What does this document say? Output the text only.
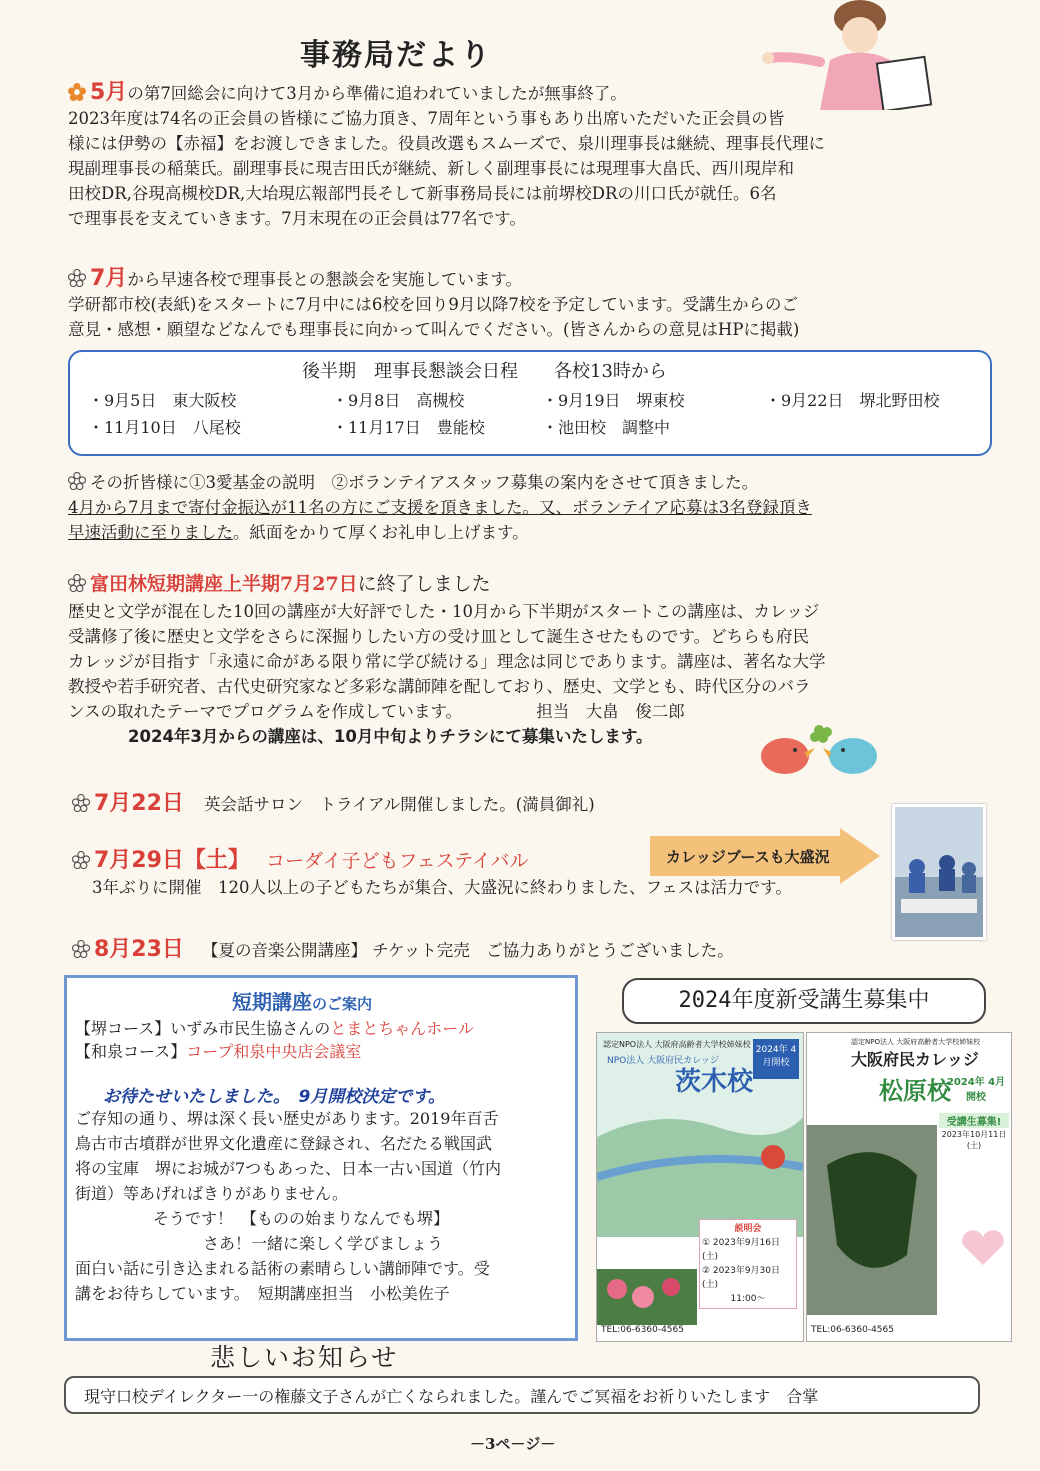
事務局だより
5月の第7回総会に向けて3月から準備に追われていましたが無事終了。
2023年度は74名の正会員の皆様にご協力頂き、7周年という事もあり出席いただいた正会員の皆
様には伊勢の【赤福】をお渡しできました。役員改選もスムーズで、泉川理事長は継続、理事長代理に
現副理事長の稲葉氏。副理事長に現吉田氏が継続、新しく副理事長には現理事大畠氏、西川現岸和
田校DR,谷現高槻校DR,大坮現広報部門長そして新事務局長には前堺校DRの川口氏が就任。6名
で理事長を支えていきます。7月末現在の正会員は77名です。
7月から早速各校で理事長との懇談会を実施しています。
学研都市校(表紙)をスタートに7月中には6校を回り9月以降7校を予定しています。受講生からのご
意見・感想・願望などなんでも理事長に向かって叫んでください。(皆さんからの意見はHPに掲載)
後半期　理事長懇談会日程　　各校13時から
・9月5日　東大阪校	・9月8日　高槻校	・9月19日　堺東校	・9月22日　堺北野田校
・11月10日　八尾校	・11月17日　豊能校	・池田校　調整中
その折皆様に①3愛基金の説明　②ボランテイアスタッフ募集の案内をさせて頂きました。
4月から7月まで寄付金振込が11名の方にご支援を頂きました。又、ボランテイア応募は3名登録頂き
早速活動に至りました。紙面をかりて厚くお礼申し上げます。
富田林短期講座上半期7月27日に終了しました
歴史と文学が混在した10回の講座が大好評でした・10月から下半期がスタートこの講座は、カレッジ
受講修了後に歴史と文学をさらに深掘りしたい方の受け皿として誕生させたものです。どちらも府民
カレッジが目指す「永遠に命がある限り常に学び続ける」理念は同じであります。講座は、著名な大学
教授や若手研究者、古代史研究家など多彩な講師陣を配しており、歴史、文学とも、時代区分のバラ
ンスの取れたテーマでプログラムを作成しています。　　　　　担当　大畠　俊二郎
2024年3月からの講座は、10月中旬よりチラシにて募集いたします。
7月22日 英会話サロン　トライアル開催しました。(満員御礼)
7月29日【土】 コーダイ子どもフェステイバル	カレッジブースも大盛況
3年ぶりに開催　120人以上の子どもたちが集合、大盛況に終わりました、フェスは活力です。
8月23日 【夏の音楽公開講座】 チケット完売　ご協力ありがとうございました。
短期講座のご案内
【堺コース】いずみ市民生協さんのとまとちゃんホール
【和泉コース】コープ和泉中央店会議室
お待たせいたしました。　9月開校決定です。
ご存知の通り、堺は深く長い歴史があります。2019年百舌
鳥古市古墳群が世界文化遺産に登録され、名だたる戦国武
将の宝庫　堺にお城が7つもあった、日本一古い国道（竹内
街道）等あげればきりがありません。
そうです！　【ものの始まりなんでも堺】
さあ！一緒に楽しく学びましょう
面白い話に引き込まれる話術の素晴らしい講師陣です。受
講をお待ちしています。　短期講座担当　小松美佐子
2024年度新受講生募集中
認定NPO法人 大阪府高齢者大学校姉妹校
NPO法人 大阪府民カレッジ
茨木校
2024年 4月開校
説明会
① 2023年9月16日(土)
② 2023年9月30日(土)
11:00～
TEL:06-6360-4565
認定NPO法人 大阪府高齢者大学校姉妹校
大阪府民カレッジ
松原校
2024年 4月開校
受講生募集!
2023年10月11日(土)
TEL:06-6360-4565
悲しいお知らせ
現守口校デイレクター一の権藤文子さんが亡くなられました。謹んでご冥福をお祈りいたします　合掌
－3ペ－ジ－
